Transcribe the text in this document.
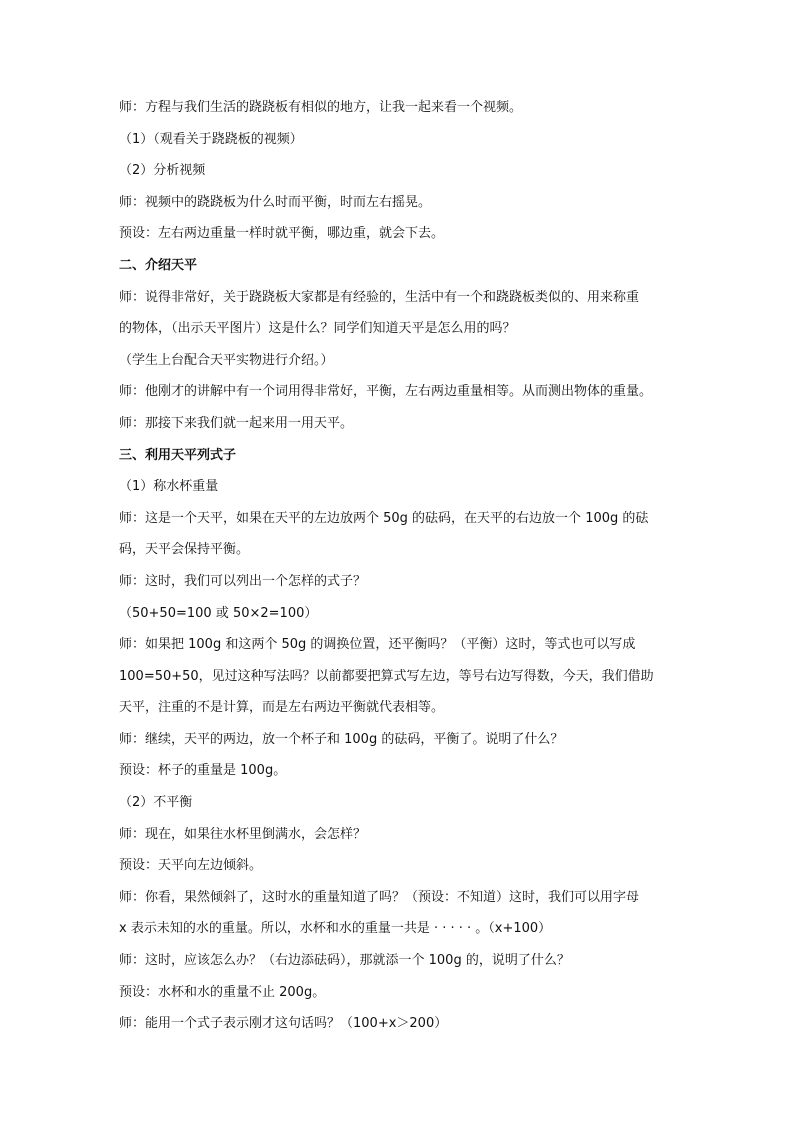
师：方程与我们生活的跷跷板有相似的地方，让我一起来看一个视频。

（1）（观看关于跷跷板的视频）

（2）分析视频

师：视频中的跷跷板为什么时而平衡，时而左右摇晃。

预设：左右两边重量一样时就平衡，哪边重，就会下去。

二、介绍天平

师：说得非常好，关于跷跷板大家都是有经验的，生活中有一个和跷跷板类似的、用来称重

的物体，（出示天平图片）这是什么？同学们知道天平是怎么用的吗？

（学生上台配合天平实物进行介绍。）

师：他刚才的讲解中有一个词用得非常好，平衡，左右两边重量相等。从而测出物体的重量。

师：那接下来我们就一起来用一用天平。

三、利用天平列式子

（1）称水杯重量

师：这是一个天平，如果在天平的左边放两个 50g 的砝码，在天平的右边放一个 100g 的砝

码，天平会保持平衡。

师：这时，我们可以列出一个怎样的式子？

（50+50=100 或 50×2=100）

师：如果把 100g 和这两个 50g 的调换位置，还平衡吗？（平衡）这时，等式也可以写成

100=50+50，见过这种写法吗？以前都要把算式写左边，等号右边写得数，今天，我们借助

天平，注重的不是计算，而是左右两边平衡就代表相等。

师：继续，天平的两边，放一个杯子和 100g 的砝码，平衡了。说明了什么？

预设：杯子的重量是 100g。

（2）不平衡

师：现在，如果往水杯里倒满水，会怎样？

预设：天平向左边倾斜。

师：你看，果然倾斜了，这时水的重量知道了吗？（预设：不知道）这时，我们可以用字母

x 表示未知的水的重量。所以，水杯和水的重量一共是 · · · · · 。（x+100）

师：这时，应该怎么办？（右边添砝码），那就添一个 100g 的，说明了什么？

预设：水杯和水的重量不止 200g。

师：能用一个式子表示刚才这句话吗？（100+x＞200）
